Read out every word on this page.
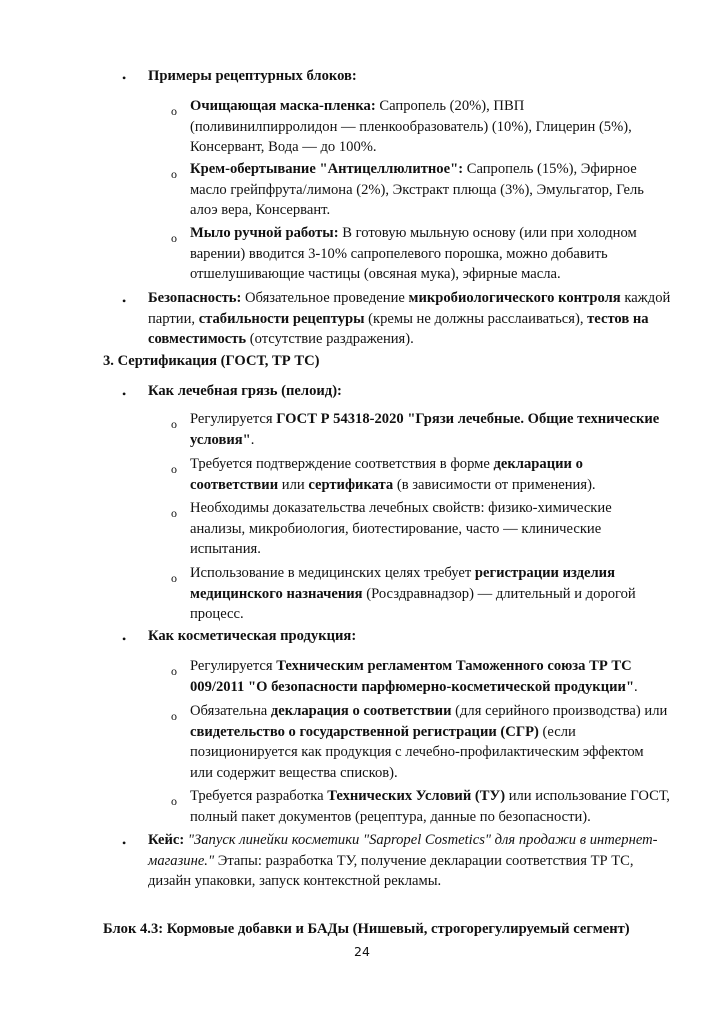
• Примеры рецептурных блоков:
o Очищающая маска-пленка: Сапропель (20%), ПВП (поливинилпирролидон — пленкообразователь) (10%), Глицерин (5%), Консервант, Вода — до 100%.
o Крем-обертывание "Антицеллюлитное": Сапропель (15%), Эфирное масло грейпфрута/лимона (2%), Экстракт плюща (3%), Эмульгатор, Гель алоэ вера, Консервант.
o Мыло ручной работы: В готовую мыльную основу (или при холодном варении) вводится 3-10% сапропелевого порошка, можно добавить отшелушивающие частицы (овсяная мука), эфирные масла.
• Безопасность: Обязательное проведение микробиологического контроля каждой партии, стабильности рецептуры (кремы не должны расслаиваться), тестов на совместимость (отсутствие раздражения).
3. Сертификация (ГОСТ, ТР ТС)
• Как лечебная грязь (пелоид):
o Регулируется ГОСТ Р 54318-2020 "Грязи лечебные. Общие технические условия".
o Требуется подтверждение соответствия в форме декларации о соответствии или сертификата (в зависимости от применения).
o Необходимы доказательства лечебных свойств: физико-химические анализы, микробиология, биотестирование, часто — клинические испытания.
o Использование в медицинских целях требует регистрации изделия медицинского назначения (Росздравнадзор) — длительный и дорогой процесс.
• Как косметическая продукция:
o Регулируется Техническим регламентом Таможенного союза ТР ТС 009/2011 "О безопасности парфюмерно-косметической продукции".
o Обязательна декларация о соответствии (для серийного производства) или свидетельство о государственной регистрации (СГР) (если позиционируется как продукция с лечебно-профилактическим эффектом или содержит вещества списков).
o Требуется разработка Технических Условий (ТУ) или использование ГОСТ, полный пакет документов (рецептура, данные по безопасности).
• Кейс: "Запуск линейки косметики "Sapropel Cosmetics" для продажи в интернет-магазине." Этапы: разработка ТУ, получение декларации соответствия ТР ТС, дизайн упаковки, запуск контекстной рекламы.
Блок 4.3: Кормовые добавки и БАДы (Нишевый, строгорегулируемый сегмент)
24
